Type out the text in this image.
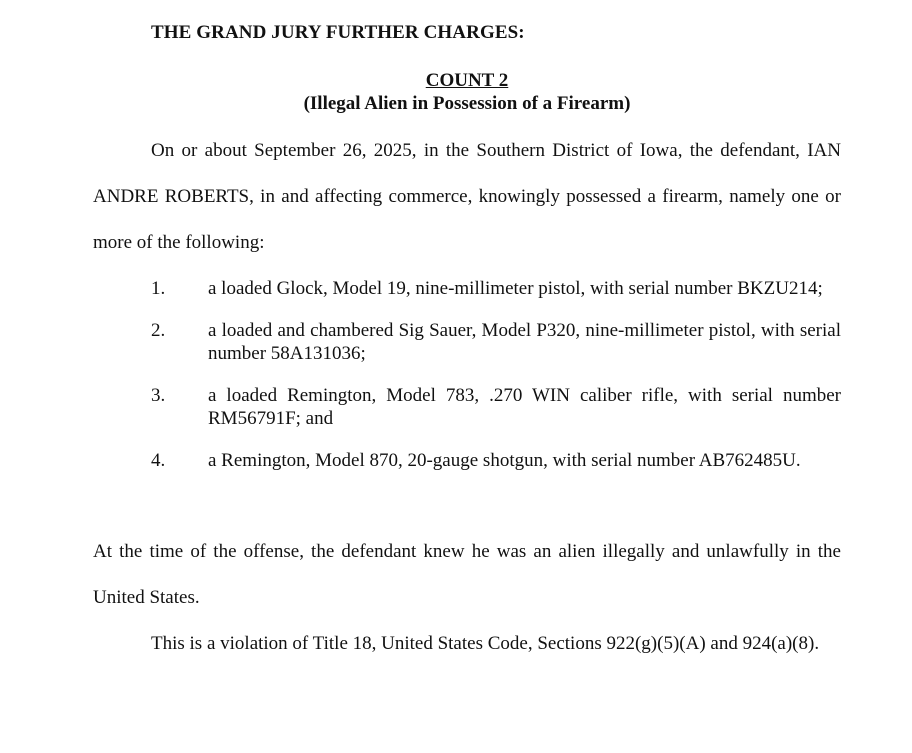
THE GRAND JURY FURTHER CHARGES:
COUNT 2
(Illegal Alien in Possession of a Firearm)
On or about September 26, 2025, in the Southern District of Iowa, the defendant, IAN ANDRE ROBERTS, in and affecting commerce, knowingly possessed a firearm, namely one or more of the following:
1.	a loaded Glock, Model 19, nine-millimeter pistol, with serial number BKZU214;
2.	a loaded and chambered Sig Sauer, Model P320, nine-millimeter pistol, with serial number 58A131036;
3.	a loaded Remington, Model 783, .270 WIN caliber rifle, with serial number RM56791F; and
4.	a Remington, Model 870, 20-gauge shotgun, with serial number AB762485U.
At the time of the offense, the defendant knew he was an alien illegally and unlawfully in the United States.
This is a violation of Title 18, United States Code, Sections 922(g)(5)(A) and 924(a)(8).
